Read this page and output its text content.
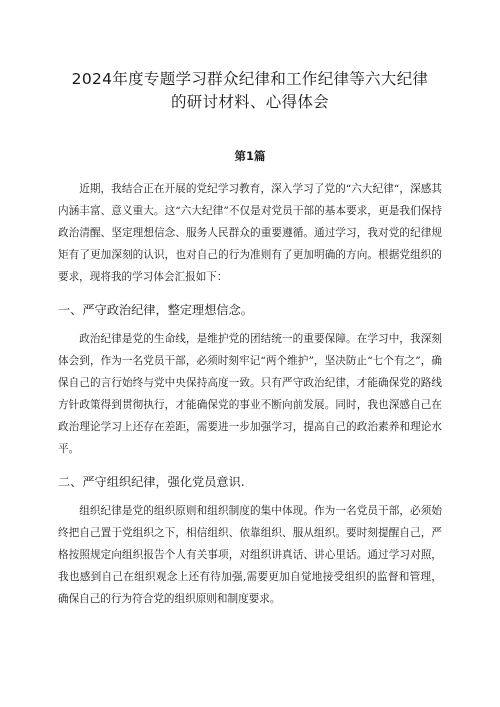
2024年度专题学习群众纪律和工作纪律等六大纪律
的研讨材料、心得体会
第1篇

近期，我结合正在开展的党纪学习教育，深入学习了党的“六大纪律“，深感其内涵丰富、意义重大。这“六大纪律”不仅是对党员干部的基本要求，更是我们保持政治清醒、坚定理想信念、服务人民群众的重要遵循。通过学习，我对党的纪律规矩有了更加深刻的认识，也对自己的行为准则有了更加明确的方向。根据党组织的要求，现将我的学习体会汇报如下：

一、严守政治纪律，整定理想信念。

政治纪律是党的生命线，是维护党的团结统一的重要保障。在学习中，我深刻体会到，作为一名党员干部，必须时刻牢记“两个维护”，坚决防止“七个有之”，确保自己的言行始终与党中央保持高度一致。只有严守政治纪律，才能确保党的路线方针政策得到贯彻执行，才能确保党的事业不断向前发展。同时，我也深感自己在政治理论学习上还存在差距，需要进一步加强学习，提高自己的政治素养和理论水平。

二、严守组织纪律，强化党员意识.

组织纪律是党的组织原则和组织制度的集中体现。作为一名党员干部，必须始终把自己置于党组织之下，相信组织、依靠组织、服从组织。要时刻提醒自己，严格按照规定向组织报告个人有关事项，对组织讲真话、讲心里话。通过学习对照，我也感到自己在组织观念上还有待加强,需要更加自觉地接受组织的监督和管理，确保自己的行为符合党的组织原则和制度要求。
